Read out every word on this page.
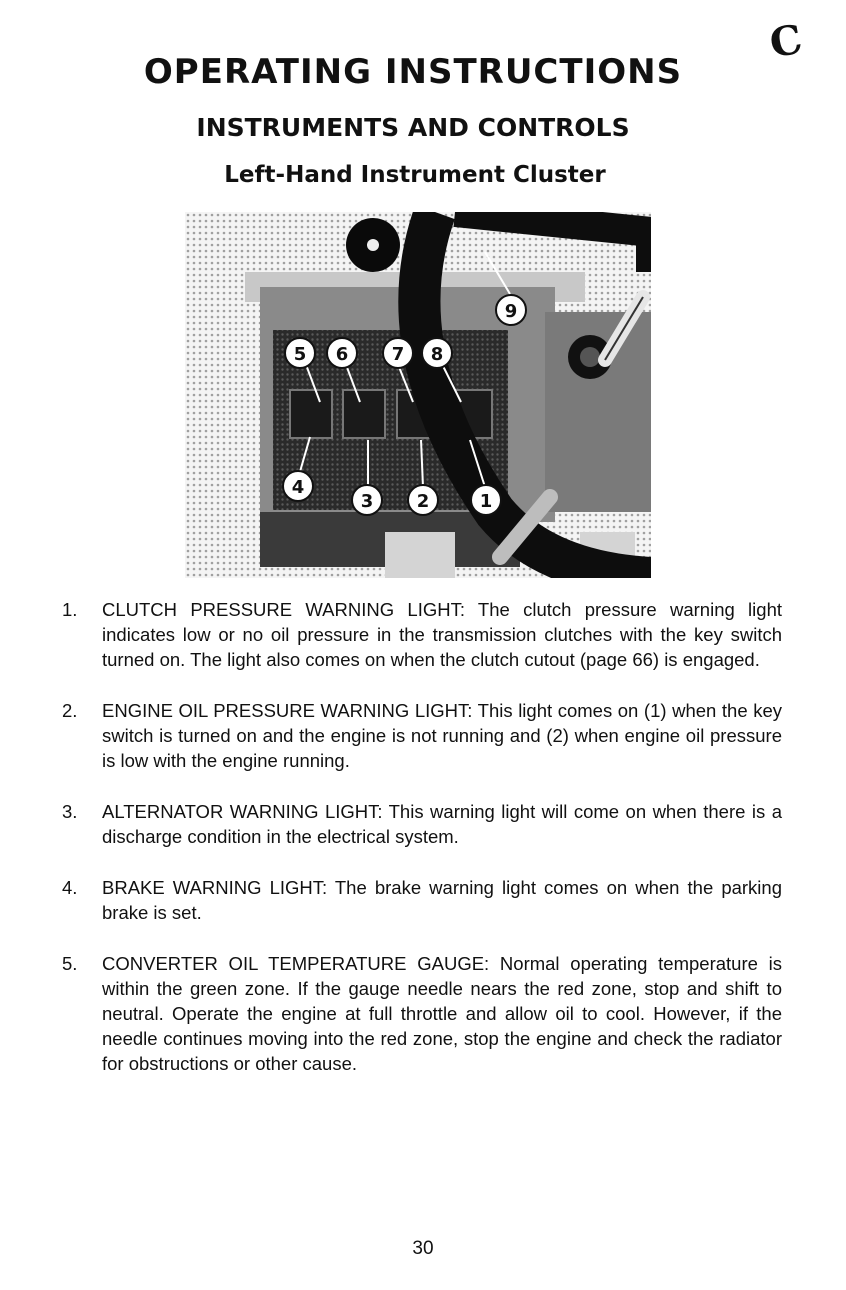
C
OPERATING INSTRUCTIONS
INSTRUMENTS AND CONTROLS
Left-Hand Instrument Cluster
5 6 7 8
4
3 2	1
9
1. CLUTCH PRESSURE WARNING LIGHT: The clutch pressure warning light indicates low or no oil pressure in the transmission clutches with the key switch turned on. The light also comes on when the clutch cutout (page 66) is engaged.
2. ENGINE OIL PRESSURE WARNING LIGHT: This light comes on (1) when the key switch is turned on and the engine is not running and (2) when engine oil pressure is low with the engine running.
3. ALTERNATOR WARNING LIGHT: This warning light will come on when there is a discharge condition in the electrical system.
4. BRAKE WARNING LIGHT: The brake warning light comes on when the parking brake is set.
5. CONVERTER OIL TEMPERATURE GAUGE: Normal operating temperature is within the green zone. If the gauge needle nears the red zone, stop and shift to neutral. Operate the engine at full throttle and allow oil to cool. However, if the needle continues moving into the red zone, stop the engine and check the radiator for obstructions or other cause.
30
